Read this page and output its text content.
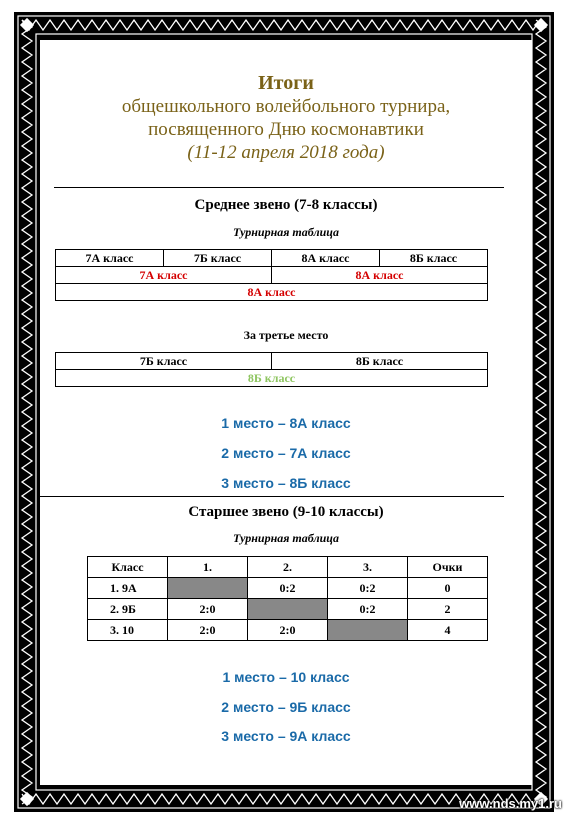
Итоги
общешкольного волейбольного турнира,
посвященного Дню космонавтики
(11-12 апреля 2018 года)
Среднее звено (7-8 классы)
Турнирная таблица
7А класс	7Б класс	8А класс	8Б класс
7А класс		8А класс	
8А класс			
За третье место
7Б класс	8Б класс
8Б класс
1 место – 8А класс
2 место – 7А класс
3 место – 8Б класс
Старшее звено (9-10 классы)
Турнирная таблица
Класс	1.	2.	3.	Очки
1. 9А		0:2	0:2	0
2. 9Б	2:0		0:2	2
3. 10	2:0	2:0		4
1 место – 10 класс
2 место – 9Б класс
3 место – 9А класс
www.nds.my1.ru
